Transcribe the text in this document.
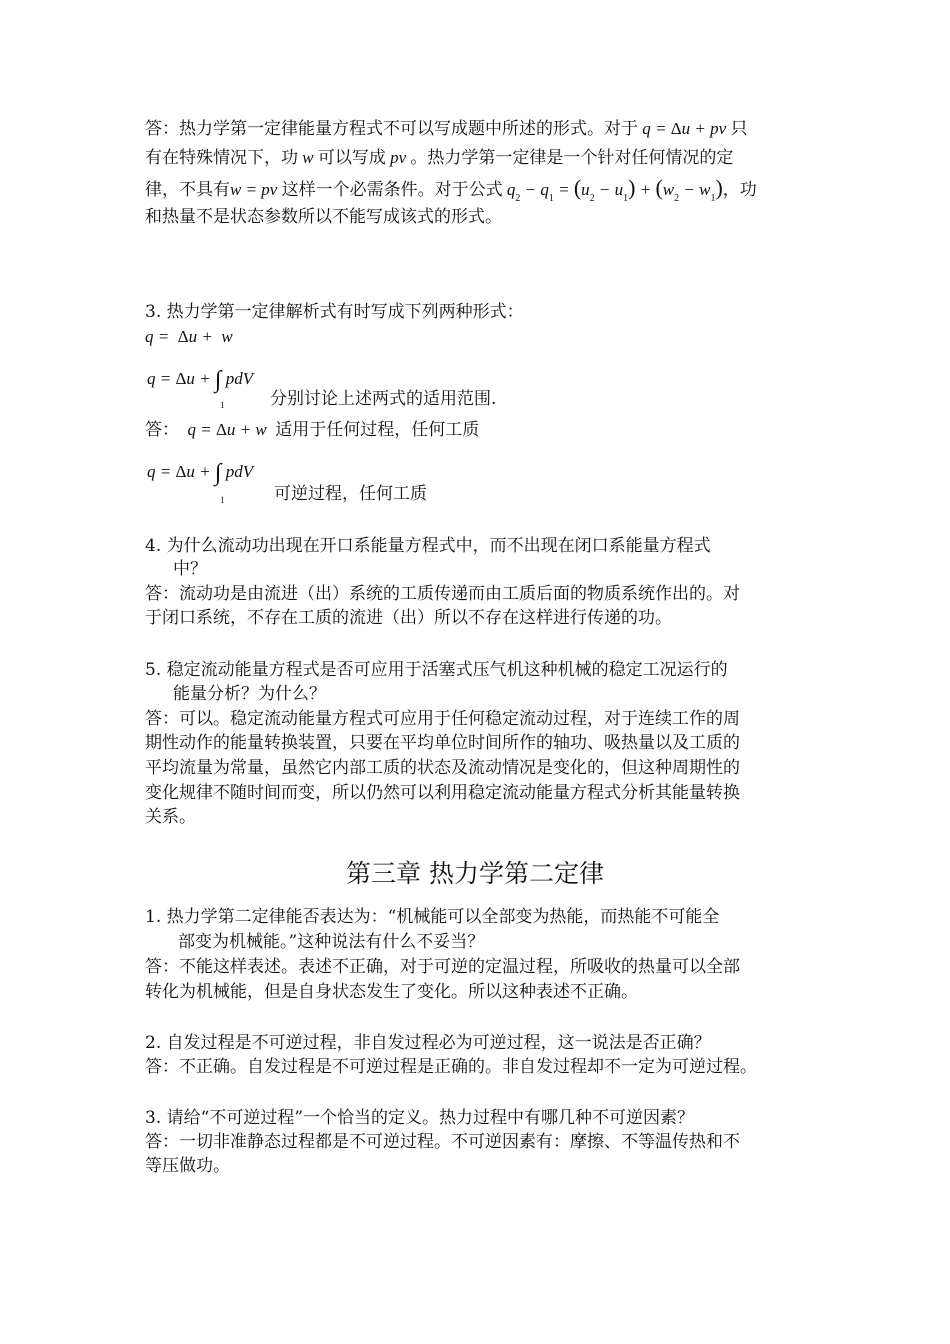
答：热力学第一定律能量方程式不可以写成题中所述的形式。对于 q = Δu + pv 只
有在特殊情况下，功 w 可以写成 pv 。热力学第一定律是一个针对任何情况的定
律，不具有w = pv 这样一个必需条件。对于公式 $q_2 - q_1 = (u_2 - u_1) + (w_2 - w_1)$，功
和热量不是状态参数所以不能写成该式的形式。
3. 热力学第一定律解析式有时写成下列两种形式：
q =  Δu +  w
q = Δu + ∫ pdV
1	分别讨论上述两式的适用范围.
答：  q = Δu + w  适用于任何过程，任何工质
q = Δu + ∫ pdV
1	可逆过程，任何工质
4. 为什么流动功出现在开口系能量方程式中，而不出现在闭口系能量方程式
中？
答：流动功是由流进（出）系统的工质传递而由工质后面的物质系统作出的。对
于闭口系统，不存在工质的流进（出）所以不存在这样进行传递的功。
5. 稳定流动能量方程式是否可应用于活塞式压气机这种机械的稳定工况运行的
能量分析？为什么？
答：可以。稳定流动能量方程式可应用于任何稳定流动过程，对于连续工作的周
期性动作的能量转换装置，只要在平均单位时间所作的轴功、吸热量以及工质的
平均流量为常量，虽然它内部工质的状态及流动情况是变化的，但这种周期性的
变化规律不随时间而变，所以仍然可以利用稳定流动能量方程式分析其能量转换
关系。
第三章 热力学第二定律
1. 热力学第二定律能否表达为：“机械能可以全部变为热能，而热能不可能全
部变为机械能。”这种说法有什么不妥当？
答：不能这样表述。表述不正确，对于可逆的定温过程，所吸收的热量可以全部
转化为机械能，但是自身状态发生了变化。所以这种表述不正确。
2. 自发过程是不可逆过程，非自发过程必为可逆过程，这一说法是否正确？
答：不正确。自发过程是不可逆过程是正确的。非自发过程却不一定为可逆过程。
3. 请给“不可逆过程”一个恰当的定义。热力过程中有哪几种不可逆因素？
答：一切非准静态过程都是不可逆过程。不可逆因素有：摩擦、不等温传热和不
等压做功。
